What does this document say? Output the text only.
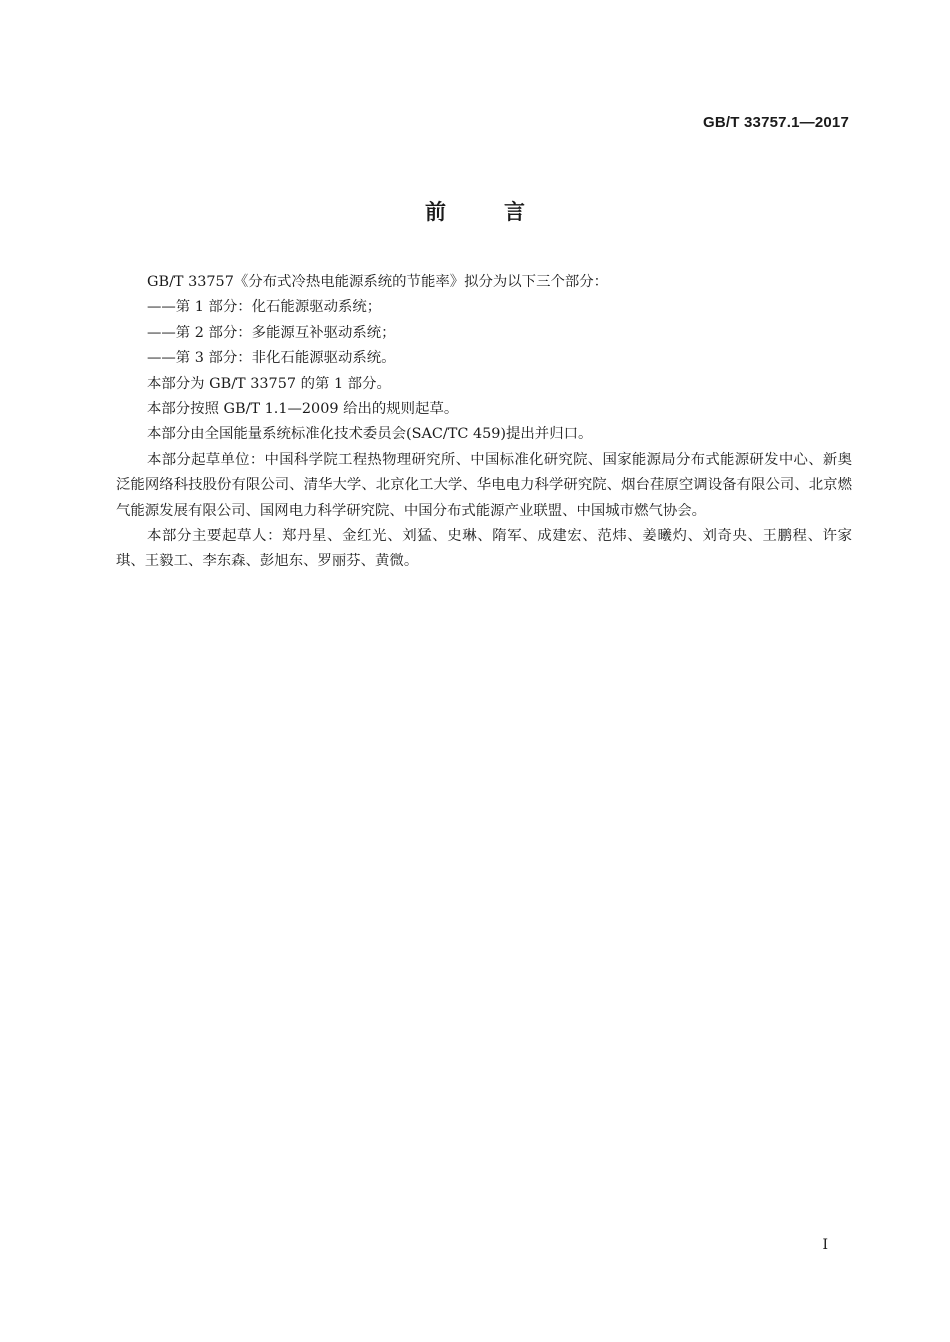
GB/T 33757.1—2017
前言

GB/T 33757《分布式冷热电能源系统的节能率》拟分为以下三个部分：

——第 1 部分：化石能源驱动系统；

——第 2 部分：多能源互补驱动系统；

——第 3 部分：非化石能源驱动系统。

本部分为 GB/T 33757 的第 1 部分。

本部分按照 GB/T 1.1—2009 给出的规则起草。

本部分由全国能量系统标准化技术委员会(SAC/TC 459)提出并归口。

本部分起草单位：中国科学院工程热物理研究所、中国标准化研究院、国家能源局分布式能源研发中心、新奥泛能网络科技股份有限公司、清华大学、北京化工大学、华电电力科学研究院、烟台荏原空调设备有限公司、北京燃气能源发展有限公司、国网电力科学研究院、中国分布式能源产业联盟、中国城市燃气协会。

本部分主要起草人：郑丹星、金红光、刘猛、史琳、隋军、成建宏、范炜、姜曦灼、刘奇央、王鹏程、许家琪、王毅工、李东森、彭旭东、罗丽芬、黄微。

I
